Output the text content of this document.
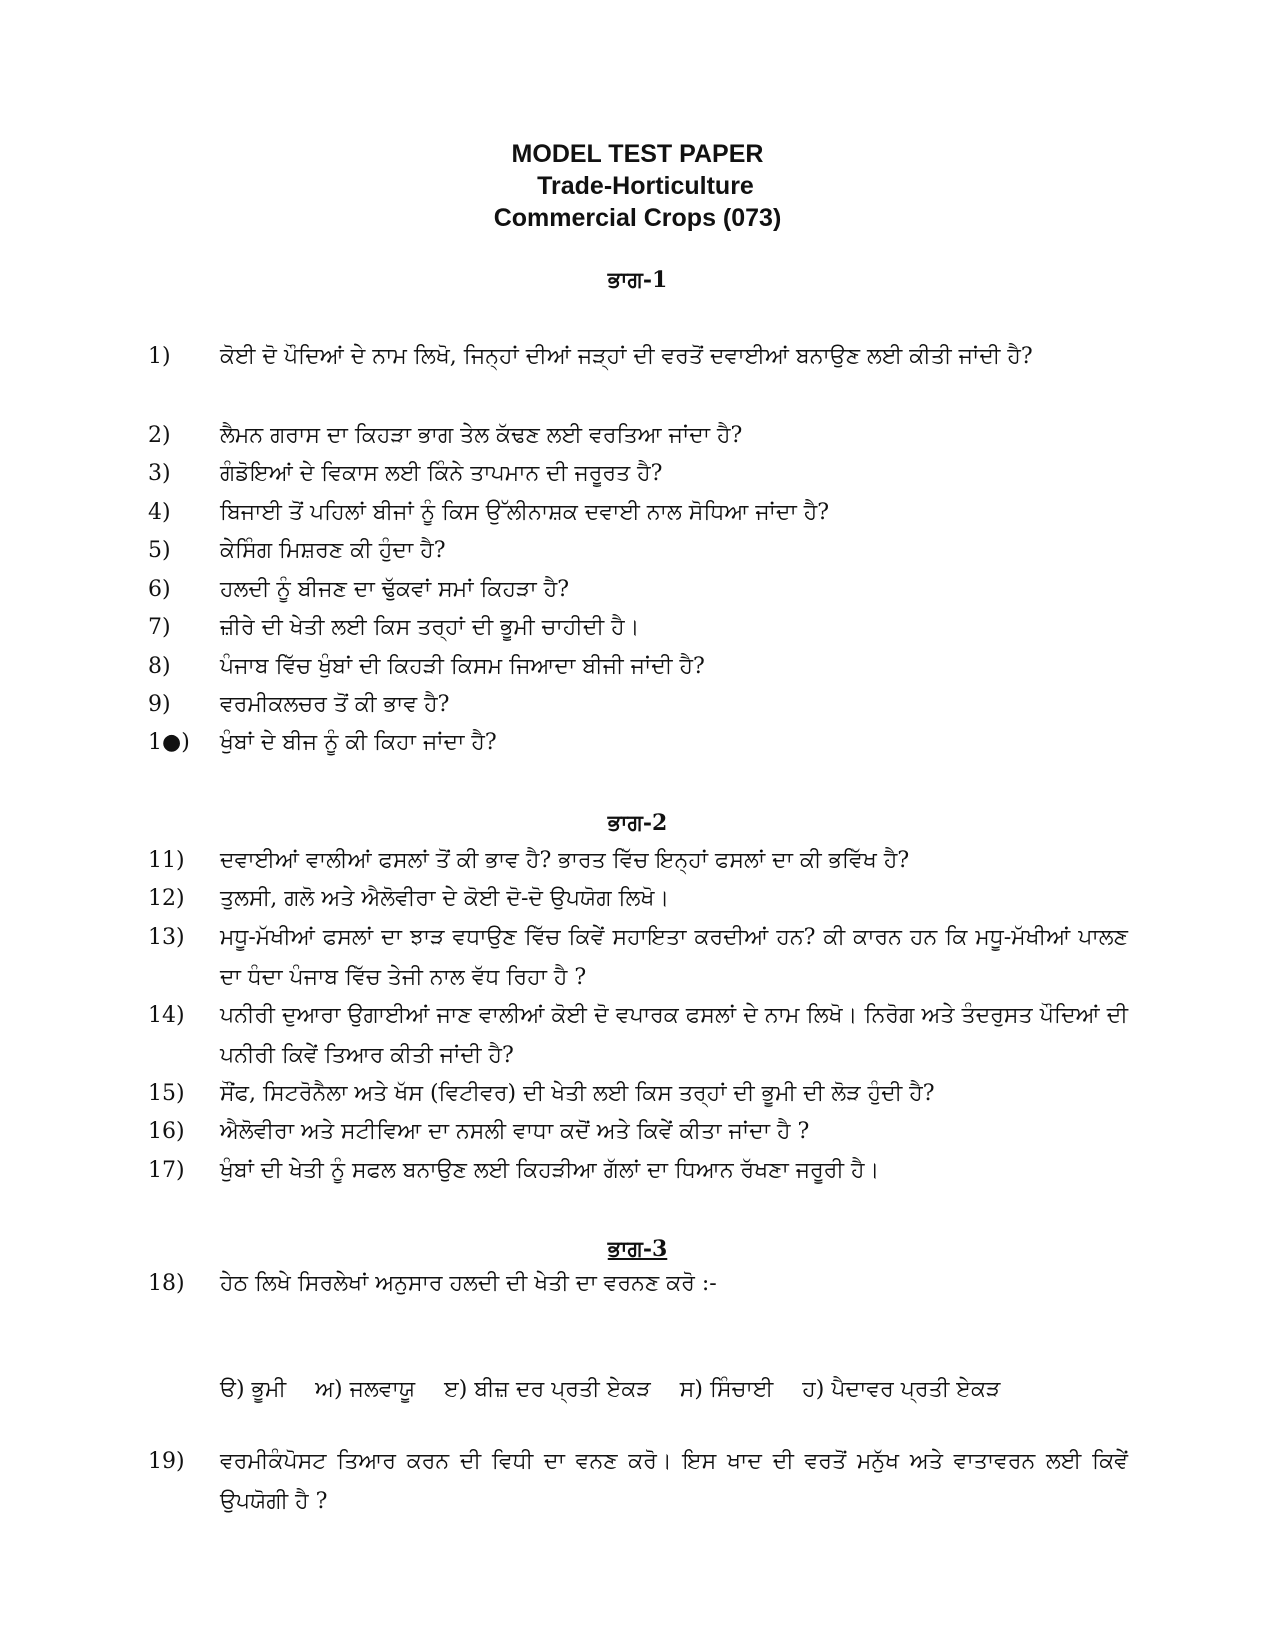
MODEL TEST PAPER
Trade-Horticulture
Commercial Crops (073)
ਭਾਗ-1
1)	ਕੋਈ ਦੋ ਪੌਦਿਆਂ ਦੇ ਨਾਮ ਲਿਖੋ, ਜਿਨ੍ਹਾਂ ਦੀਆਂ ਜੜ੍ਹਾਂ ਦੀ ਵਰਤੋਂ ਦਵਾਈਆਂ ਬਨਾਉਣ ਲਈ ਕੀਤੀ ਜਾਂਦੀ ਹੈ?
2)	ਲੈਮਨ ਗਰਾਸ ਦਾ ਕਿਹੜਾ ਭਾਗ ਤੇਲ ਕੱਢਣ ਲਈ ਵਰਤਿਆ ਜਾਂਦਾ ਹੈ?
3)	ਗੰਡੋਇਆਂ ਦੇ ਵਿਕਾਸ ਲਈ ਕਿੰਨੇ ਤਾਪਮਾਨ ਦੀ ਜਰੂਰਤ ਹੈ?
4)	ਬਿਜਾਈ ਤੋਂ ਪਹਿਲਾਂ ਬੀਜਾਂ ਨੂੰ ਕਿਸ ਉੱਲੀਨਾਸ਼ਕ ਦਵਾਈ ਨਾਲ ਸੋਧਿਆ ਜਾਂਦਾ ਹੈ?
5)	ਕੇਸਿੰਗ ਮਿਸ਼ਰਣ ਕੀ ਹੁੰਦਾ ਹੈ?
6)	ਹਲਦੀ ਨੂੰ ਬੀਜਣ ਦਾ ਢੁੱਕਵਾਂ ਸਮਾਂ ਕਿਹੜਾ ਹੈ?
7)	ਜ਼ੀਰੇ ਦੀ ਖੇਤੀ ਲਈ ਕਿਸ ਤਰ੍ਹਾਂ ਦੀ ਭੂਮੀ ਚਾਹੀਦੀ ਹੈ।
8)	ਪੰਜਾਬ ਵਿੱਚ ਖੁੰਬਾਂ ਦੀ ਕਿਹੜੀ ਕਿਸਮ ਜਿਆਦਾ ਬੀਜੀ ਜਾਂਦੀ ਹੈ?
9)	ਵਰਮੀਕਲਚਰ ਤੋਂ ਕੀ ਭਾਵ ਹੈ?
1●)	ਖੁੰਬਾਂ ਦੇ ਬੀਜ ਨੂੰ ਕੀ ਕਿਹਾ ਜਾਂਦਾ ਹੈ?
ਭਾਗ-2
11)	ਦਵਾਈਆਂ ਵਾਲੀਆਂ ਫਸਲਾਂ ਤੋਂ ਕੀ ਭਾਵ ਹੈ? ਭਾਰਤ ਵਿੱਚ ਇਨ੍ਹਾਂ ਫਸਲਾਂ ਦਾ ਕੀ ਭਵਿੱਖ ਹੈ?
12)	ਤੁਲਸੀ, ਗਲੋ ਅਤੇ ਐਲੋਵੀਰਾ ਦੇ ਕੋਈ ਦੋ-ਦੋ ਉਪਯੋਗ ਲਿਖੋ।
13)	ਮਧੂ-ਮੱਖੀਆਂ ਫਸਲਾਂ ਦਾ ਝਾੜ ਵਧਾਉਣ ਵਿੱਚ ਕਿਵੇਂ ਸਹਾਇਤਾ ਕਰਦੀਆਂ ਹਨ? ਕੀ ਕਾਰਨ ਹਨ ਕਿ ਮਧੂ-ਮੱਖੀਆਂ ਪਾਲਣ ਦਾ ਧੰਦਾ ਪੰਜਾਬ ਵਿੱਚ ਤੇਜੀ ਨਾਲ ਵੱਧ ਰਿਹਾ ਹੈ ?
14)	ਪਨੀਰੀ ਦੁਆਰਾ ਉਗਾਈਆਂ ਜਾਣ ਵਾਲੀਆਂ ਕੋਈ ਦੋ ਵਪਾਰਕ ਫਸਲਾਂ ਦੇ ਨਾਮ ਲਿਖੋ। ਨਿਰੋਗ ਅਤੇ ਤੰਦਰੁਸਤ ਪੌਦਿਆਂ ਦੀ ਪਨੀਰੀ ਕਿਵੇਂ ਤਿਆਰ ਕੀਤੀ ਜਾਂਦੀ ਹੈ?
15)	ਸੌਂਫ, ਸਿਟਰੋਨੈਲਾ ਅਤੇ ਖੱਸ (ਵਿਟੀਵਰ) ਦੀ ਖੇਤੀ ਲਈ ਕਿਸ ਤਰ੍ਹਾਂ ਦੀ ਭੂਮੀ ਦੀ ਲੋੜ ਹੁੰਦੀ ਹੈ?
16)	ਐਲੋਵੀਰਾ ਅਤੇ ਸਟੀਵਿਆ ਦਾ ਨਸਲੀ ਵਾਧਾ ਕਦੋਂ ਅਤੇ ਕਿਵੇਂ ਕੀਤਾ ਜਾਂਦਾ ਹੈ ?
17)	ਖੁੰਬਾਂ ਦੀ ਖੇਤੀ ਨੂੰ ਸਫਲ ਬਨਾਉਣ ਲਈ ਕਿਹੜੀਆ ਗੱਲਾਂ ਦਾ ਧਿਆਨ ਰੱਖਣਾ ਜਰੂਰੀ ਹੈ।
ਭਾਗ-3
18)	ਹੇਠ ਲਿਖੇ ਸਿਰਲੇਖਾਂ ਅਨੁਸਾਰ ਹਲਦੀ ਦੀ ਖੇਤੀ ਦਾ ਵਰਨਣ ਕਰੋ :-
ੳ) ਭੂਮੀ ਅ) ਜਲਵਾਯੂ ੲ) ਬੀਜ਼ ਦਰ ਪ੍ਰਤੀ ਏਕੜ ਸ) ਸਿੰਚਾਈ ਹ) ਪੈਦਾਵਰ ਪ੍ਰਤੀ ਏਕੜ
19)	ਵਰਮੀਕੰਪੋਸਟ ਤਿਆਰ ਕਰਨ ਦੀ ਵਿਧੀ ਦਾ ਵਨਣ ਕਰੋ। ਇਸ ਖਾਦ ਦੀ ਵਰਤੋਂ ਮਨੁੱਖ ਅਤੇ ਵਾਤਾਵਰਨ ਲਈ ਕਿਵੇਂ ਉਪਯੋਗੀ ਹੈ ?
